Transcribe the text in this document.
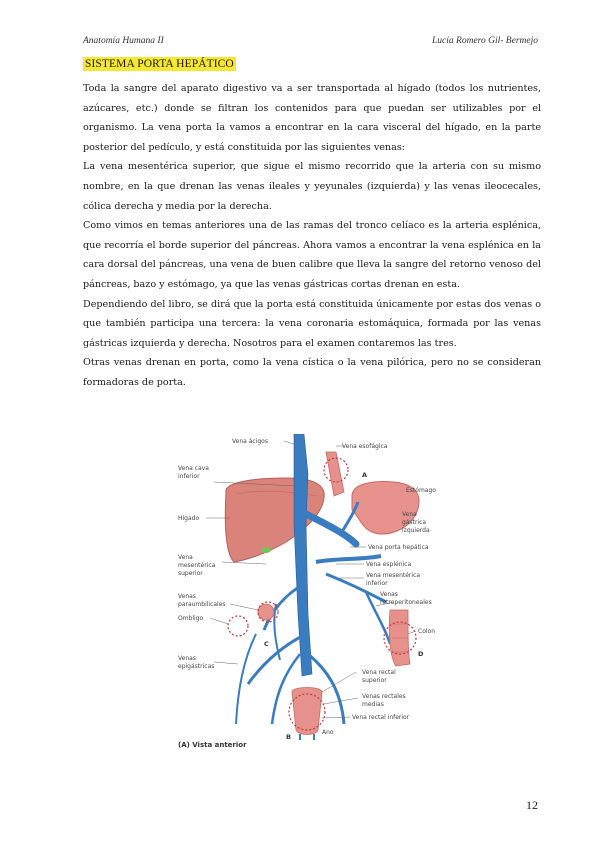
Anatomía Humana II	Lucía Romero Gil- Bermejo
SISTEMA PORTA HEPÁTICO

Toda la sangre del aparato digestivo va a ser transportada al hígado (todos los nutrientes, azúcares, etc.) donde se filtran los contenidos para que puedan ser utilizables por el organismo. La vena porta la vamos a encontrar en la cara visceral del hígado, en la parte posterior del pedículo, y está constituida por las siguientes venas:

La vena mesentérica superior, que sigue el mismo recorrido que la arteria con su mismo nombre, en la que drenan las venas ileales y yeyunales (izquierda) y las venas ileocecales, cólica derecha y media por la derecha.

Como vimos en temas anteriores una de las ramas del tronco celíaco es la arteria esplénica, que recorría el borde superior del páncreas. Ahora vamos a encontrar la vena esplénica en la cara dorsal del páncreas, una vena de buen calibre que lleva la sangre del retorno venoso del páncreas, bazo y estómago, ya que las venas gástricas cortas drenan en esta.

Dependiendo del libro, se dirá que la porta está constituida únicamente por estas dos venas o que también participa una tercera: la vena coronaria estomáquica, formada por las venas gástricas izquierda y derecha. Nosotros para el examen contaremos las tres.

Otras venas drenan en porta, como la vena cística o la vena pilórica, pero no se consideran formadoras de porta.

Vena ácigos
Vena esofágica
Vena cava
inferior	A
Estómago
Hígado
Vena
gástrica
izquierda
Vena porta hepática
Vena
mesentérica
superior
Vena esplénica
Vena mesentérica
inferior
Venas
paraumbilicales
Venas
retroperitoneales
Ombligo
Colon
C
D
Venas
epigástricas
Vena rectal
superior
Venas rectales
medias
Vena rectal inferior
Ano
B
(A) Vista anterior
12
